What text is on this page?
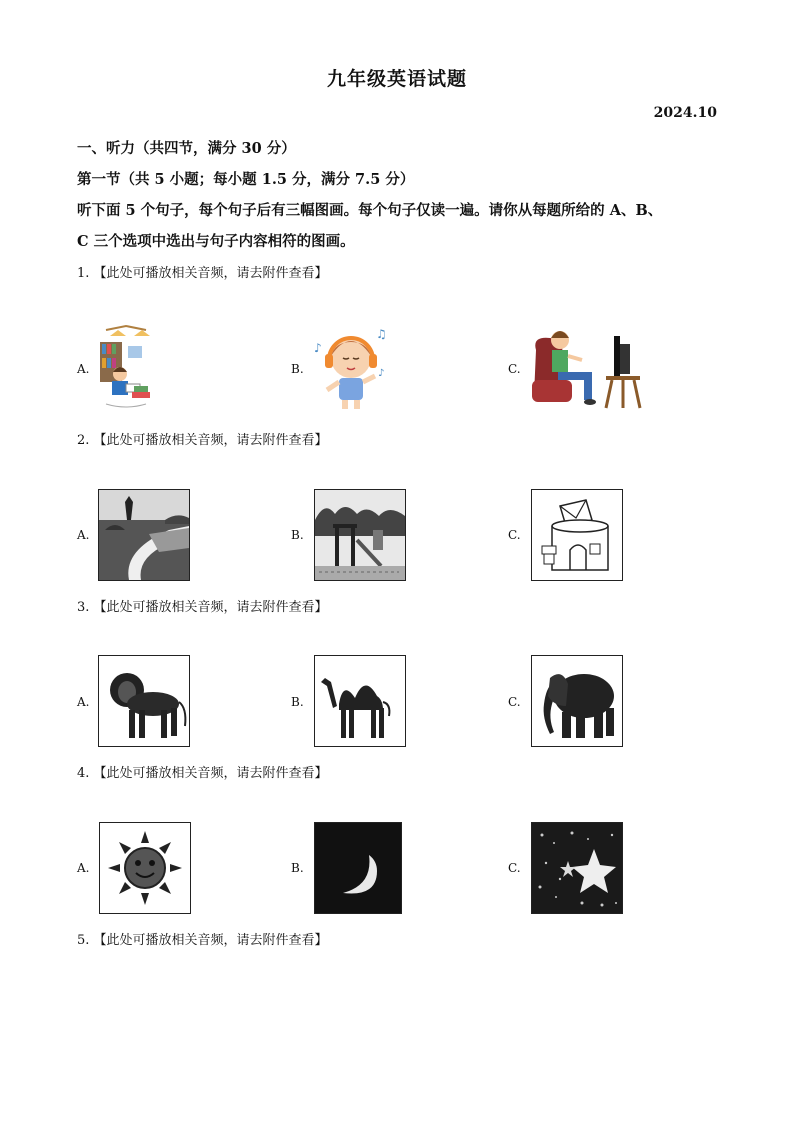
九年级英语试题
2024.10
一、听力（共四节，满分 30 分）
第一节（共 5 小题；每小题 1.5 分，满分 7.5 分）
听下面 5 个句子，每个句子后有三幅图画。每个句子仅读一遍。请你从每题所给的 A、B、
C 三个选项中选出与句子内容相符的图画。
1. 【此处可播放相关音频，请去附件查看】
A.	B.	C.
♪
♫
♪
2. 【此处可播放相关音频，请去附件查看】
A.	B.	C.
3. 【此处可播放相关音频，请去附件查看】
A.	B.	C.
4. 【此处可播放相关音频，请去附件查看】
A.	B.	C.
5. 【此处可播放相关音频，请去附件查看】
